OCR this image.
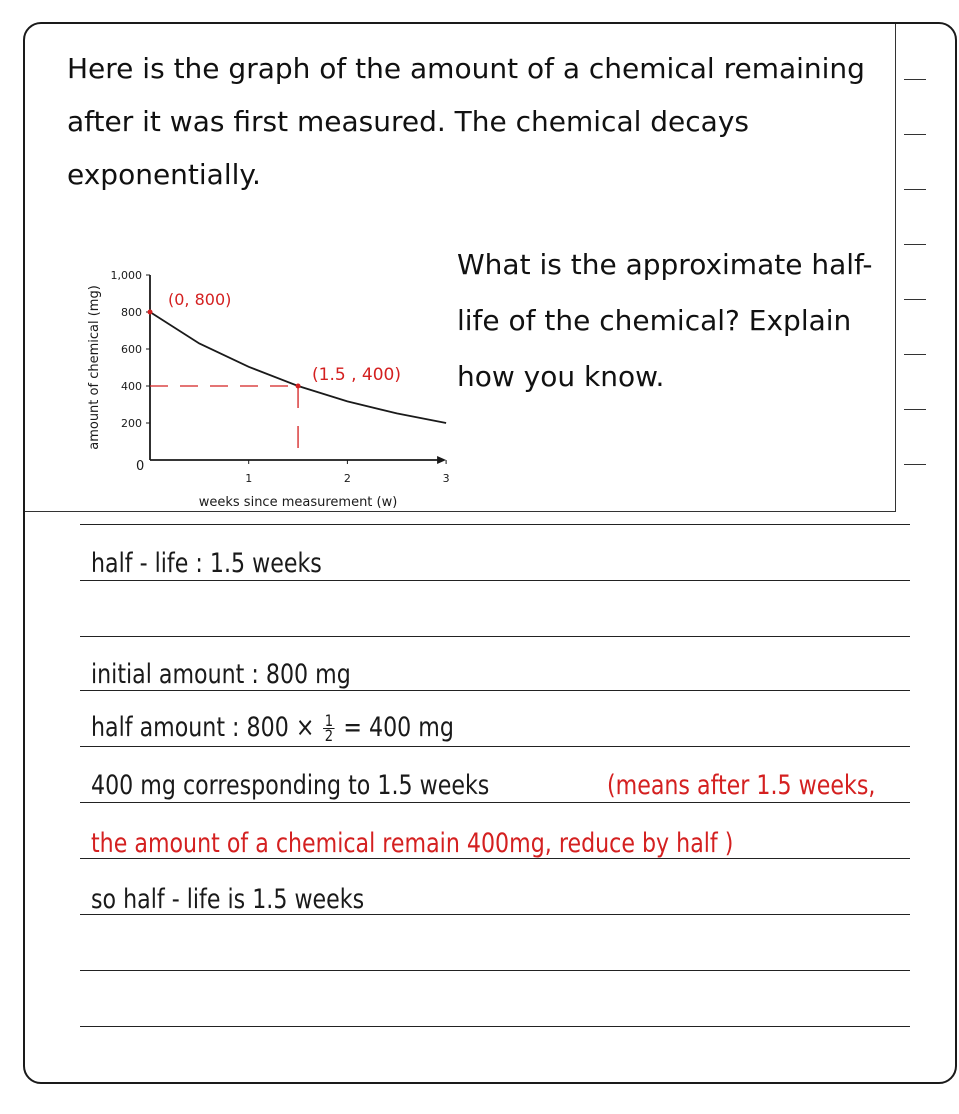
Here is the graph of the amount of a chemical remaining after it was first measured. The chemical decays exponentially.
1,000
800
600
400
200
1	2	3
0
weeks since measurement (w)
amount of chemical (mg)	(0, 800)
(1.5 , 400)
What is the approximate half-life of the chemical? Explain how you know.
half - life : 1.5 weeks
initial amount : 800 mg
half amount : $800 \times \frac{1}{2} = 400$ mg
400 mg corresponding to 1.5 weeks	(means after 1.5 weeks,
the amount of a chemical remain 400mg, reduce by half )
so half - life is 1.5 weeks
